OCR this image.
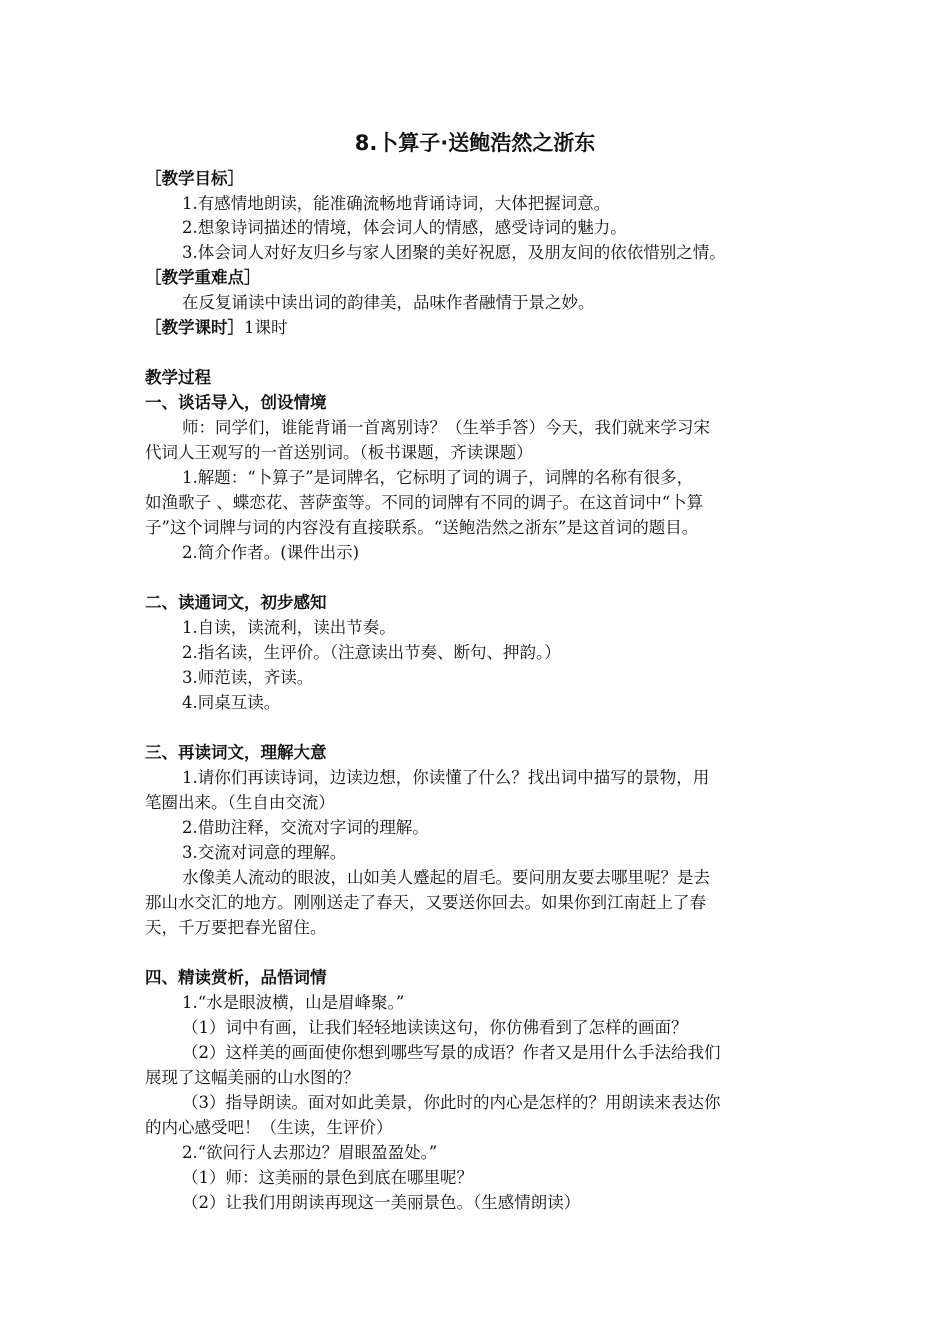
8.卜算子·送鲍浩然之浙东
［教学目标］
1.有感情地朗读，能准确流畅地背诵诗词，大体把握词意。
2.想象诗词描述的情境，体会词人的情感，感受诗词的魅力。
3.体会词人对好友归乡与家人团聚的美好祝愿，及朋友间的依依惜别之情。
［教学重难点］
在反复诵读中读出词的韵律美，品味作者融情于景之妙。
［教学课时］1课时
教学过程
一、谈话导入，创设情境
师：同学们，谁能背诵一首离别诗？（生举手答）今天，我们就来学习宋
代词人王观写的一首送别词。（板书课题，齐读课题）
1.解题：“卜算子”是词牌名，它标明了词的调子，词牌的名称有很多，
如渔歌子 、蝶恋花、菩萨蛮等。不同的词牌有不同的调子。在这首词中“卜算
子”这个词牌与词的内容没有直接联系。“送鲍浩然之浙东”是这首词的题目。
2.简介作者。(课件出示)
二、读通词文，初步感知
1.自读，读流利，读出节奏。
2.指名读，生评价。（注意读出节奏、断句、押韵。）
3.师范读，齐读。
4.同桌互读。
三、再读词文，理解大意
1.请你们再读诗词，边读边想，你读懂了什么？找出词中描写的景物，用
笔圈出来。（生自由交流）
2.借助注释，交流对字词的理解。
3.交流对词意的理解。
水像美人流动的眼波，山如美人蹙起的眉毛。要问朋友要去哪里呢？是去
那山水交汇的地方。刚刚送走了春天，又要送你回去。如果你到江南赶上了春
天，千万要把春光留住。
四、精读赏析，品悟词情
1.“水是眼波横，山是眉峰聚。”
（1）词中有画，让我们轻轻地读读这句，你仿佛看到了怎样的画面？
（2）这样美的画面使你想到哪些写景的成语？作者又是用什么手法给我们
展现了这幅美丽的山水图的？
（3）指导朗读。面对如此美景，你此时的内心是怎样的？用朗读来表达你
的内心感受吧！（生读，生评价）
2.“欲问行人去那边？眉眼盈盈处。”
（1）师：这美丽的景色到底在哪里呢？
（2）让我们用朗读再现这一美丽景色。（生感情朗读）
